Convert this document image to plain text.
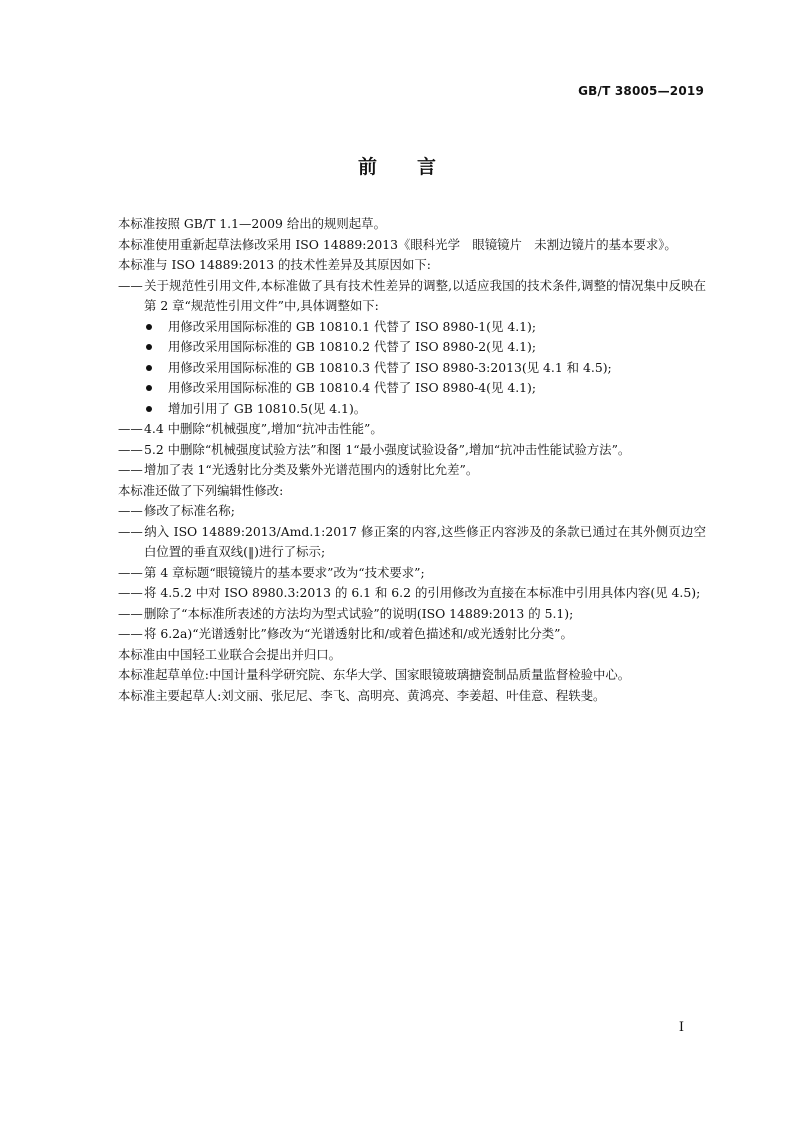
GB/T 38005—2019
前言

本标准按照 GB/T 1.1—2009 给出的规则起草。

本标准使用重新起草法修改采用 ISO 14889:2013《眼科光学　眼镜镜片　未割边镜片的基本要求》。

本标准与 ISO 14889:2013 的技术性差异及其原因如下:

——关于规范性引用文件,本标准做了具有技术性差异的调整,以适应我国的技术条件,调整的情况集中反映在第 2 章“规范性引用文件”中,具体调整如下:

用修改采用国际标准的 GB 10810.1 代替了 ISO 8980-1(见 4.1);

用修改采用国际标准的 GB 10810.2 代替了 ISO 8980-2(见 4.1);

用修改采用国际标准的 GB 10810.3 代替了 ISO 8980-3:2013(见 4.1 和 4.5);

用修改采用国际标准的 GB 10810.4 代替了 ISO 8980-4(见 4.1);

增加引用了 GB 10810.5(见 4.1)。

——4.4 中删除“机械强度”,增加“抗冲击性能”。

——5.2 中删除“机械强度试验方法”和图 1“最小强度试验设备”,增加“抗冲击性能试验方法”。

——增加了表 1“光透射比分类及紫外光谱范围内的透射比允差”。

本标准还做了下列编辑性修改:

——修改了标准名称;

——纳入 ISO 14889:2013/Amd.1:2017 修正案的内容,这些修正内容涉及的条款已通过在其外侧页边空白位置的垂直双线(‖)进行了标示;

——第 4 章标题“眼镜镜片的基本要求”改为“技术要求”;

——将 4.5.2 中对 ISO 8980.3:2013 的 6.1 和 6.2 的引用修改为直接在本标准中引用具体内容(见 4.5);

——删除了“本标准所表述的方法均为型式试验”的说明(ISO 14889:2013 的 5.1);

——将 6.2a)“光谱透射比”修改为“光谱透射比和/或着色描述和/或光透射比分类”。

本标准由中国轻工业联合会提出并归口。

本标准起草单位:中国计量科学研究院、东华大学、国家眼镜玻璃搪瓷制品质量监督检验中心。

本标准主要起草人:刘文丽、张尼尼、李飞、高明亮、黄鸿亮、李姜超、叶佳意、程轶斐。

I
